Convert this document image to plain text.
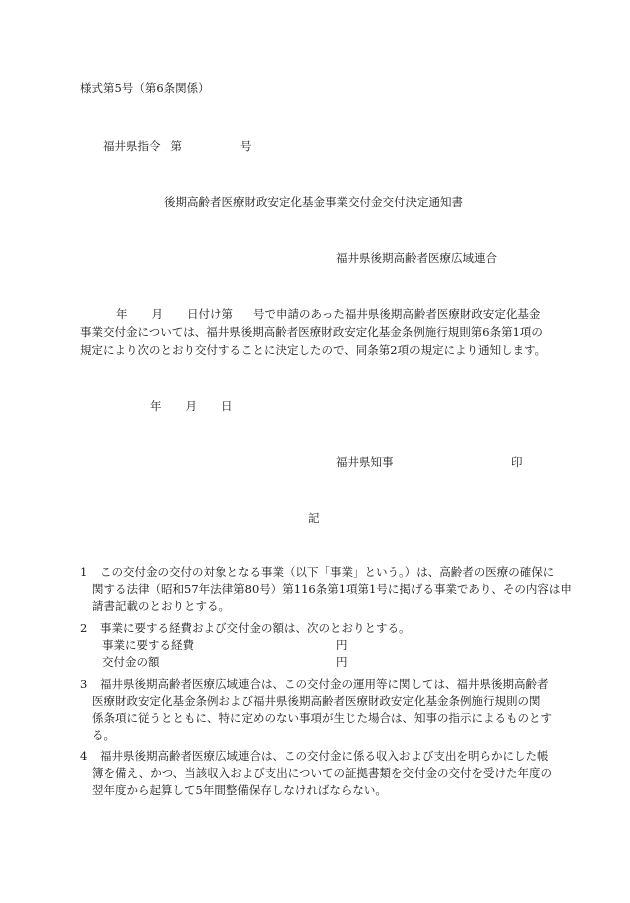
様式第5号（第6条関係）
福井県指令 第	号
後期高齢者医療財政安定化基金事業交付金交付決定通知書
福井県後期高齢者医療広域連合
年 月 日付け第 号で申請のあった福井県後期高齢者医療財政安定化基金
事業交付金については、福井県後期高齢者医療財政安定化基金条例施行規則第6条第1項の
規定により次のとおり交付することに決定したので、同条第2項の規定により通知します。
年 月 日
福井県知事	印
記
1 この交付金の交付の対象となる事業（以下「事業」という。）は、高齢者の医療の確保に
関する法律（昭和57年法律第80号）第116条第1項第1号に掲げる事業であり、その内容は申
請書記載のとおりとする。
2 事業に要する経費および交付金の額は、次のとおりとする。
事業に要する経費	円
交付金の額	円
3 福井県後期高齢者医療広域連合は、この交付金の運用等に関しては、福井県後期高齢者
医療財政安定化基金条例および福井県後期高齢者医療財政安定化基金条例施行規則の関
係条項に従うとともに、特に定めのない事項が生じた場合は、知事の指示によるものとす
る。
4 福井県後期高齢者医療広域連合は、この交付金に係る収入および支出を明らかにした帳
簿を備え、かつ、当該収入および支出についての証拠書類を交付金の交付を受けた年度の
翌年度から起算して5年間整備保存しなければならない。
